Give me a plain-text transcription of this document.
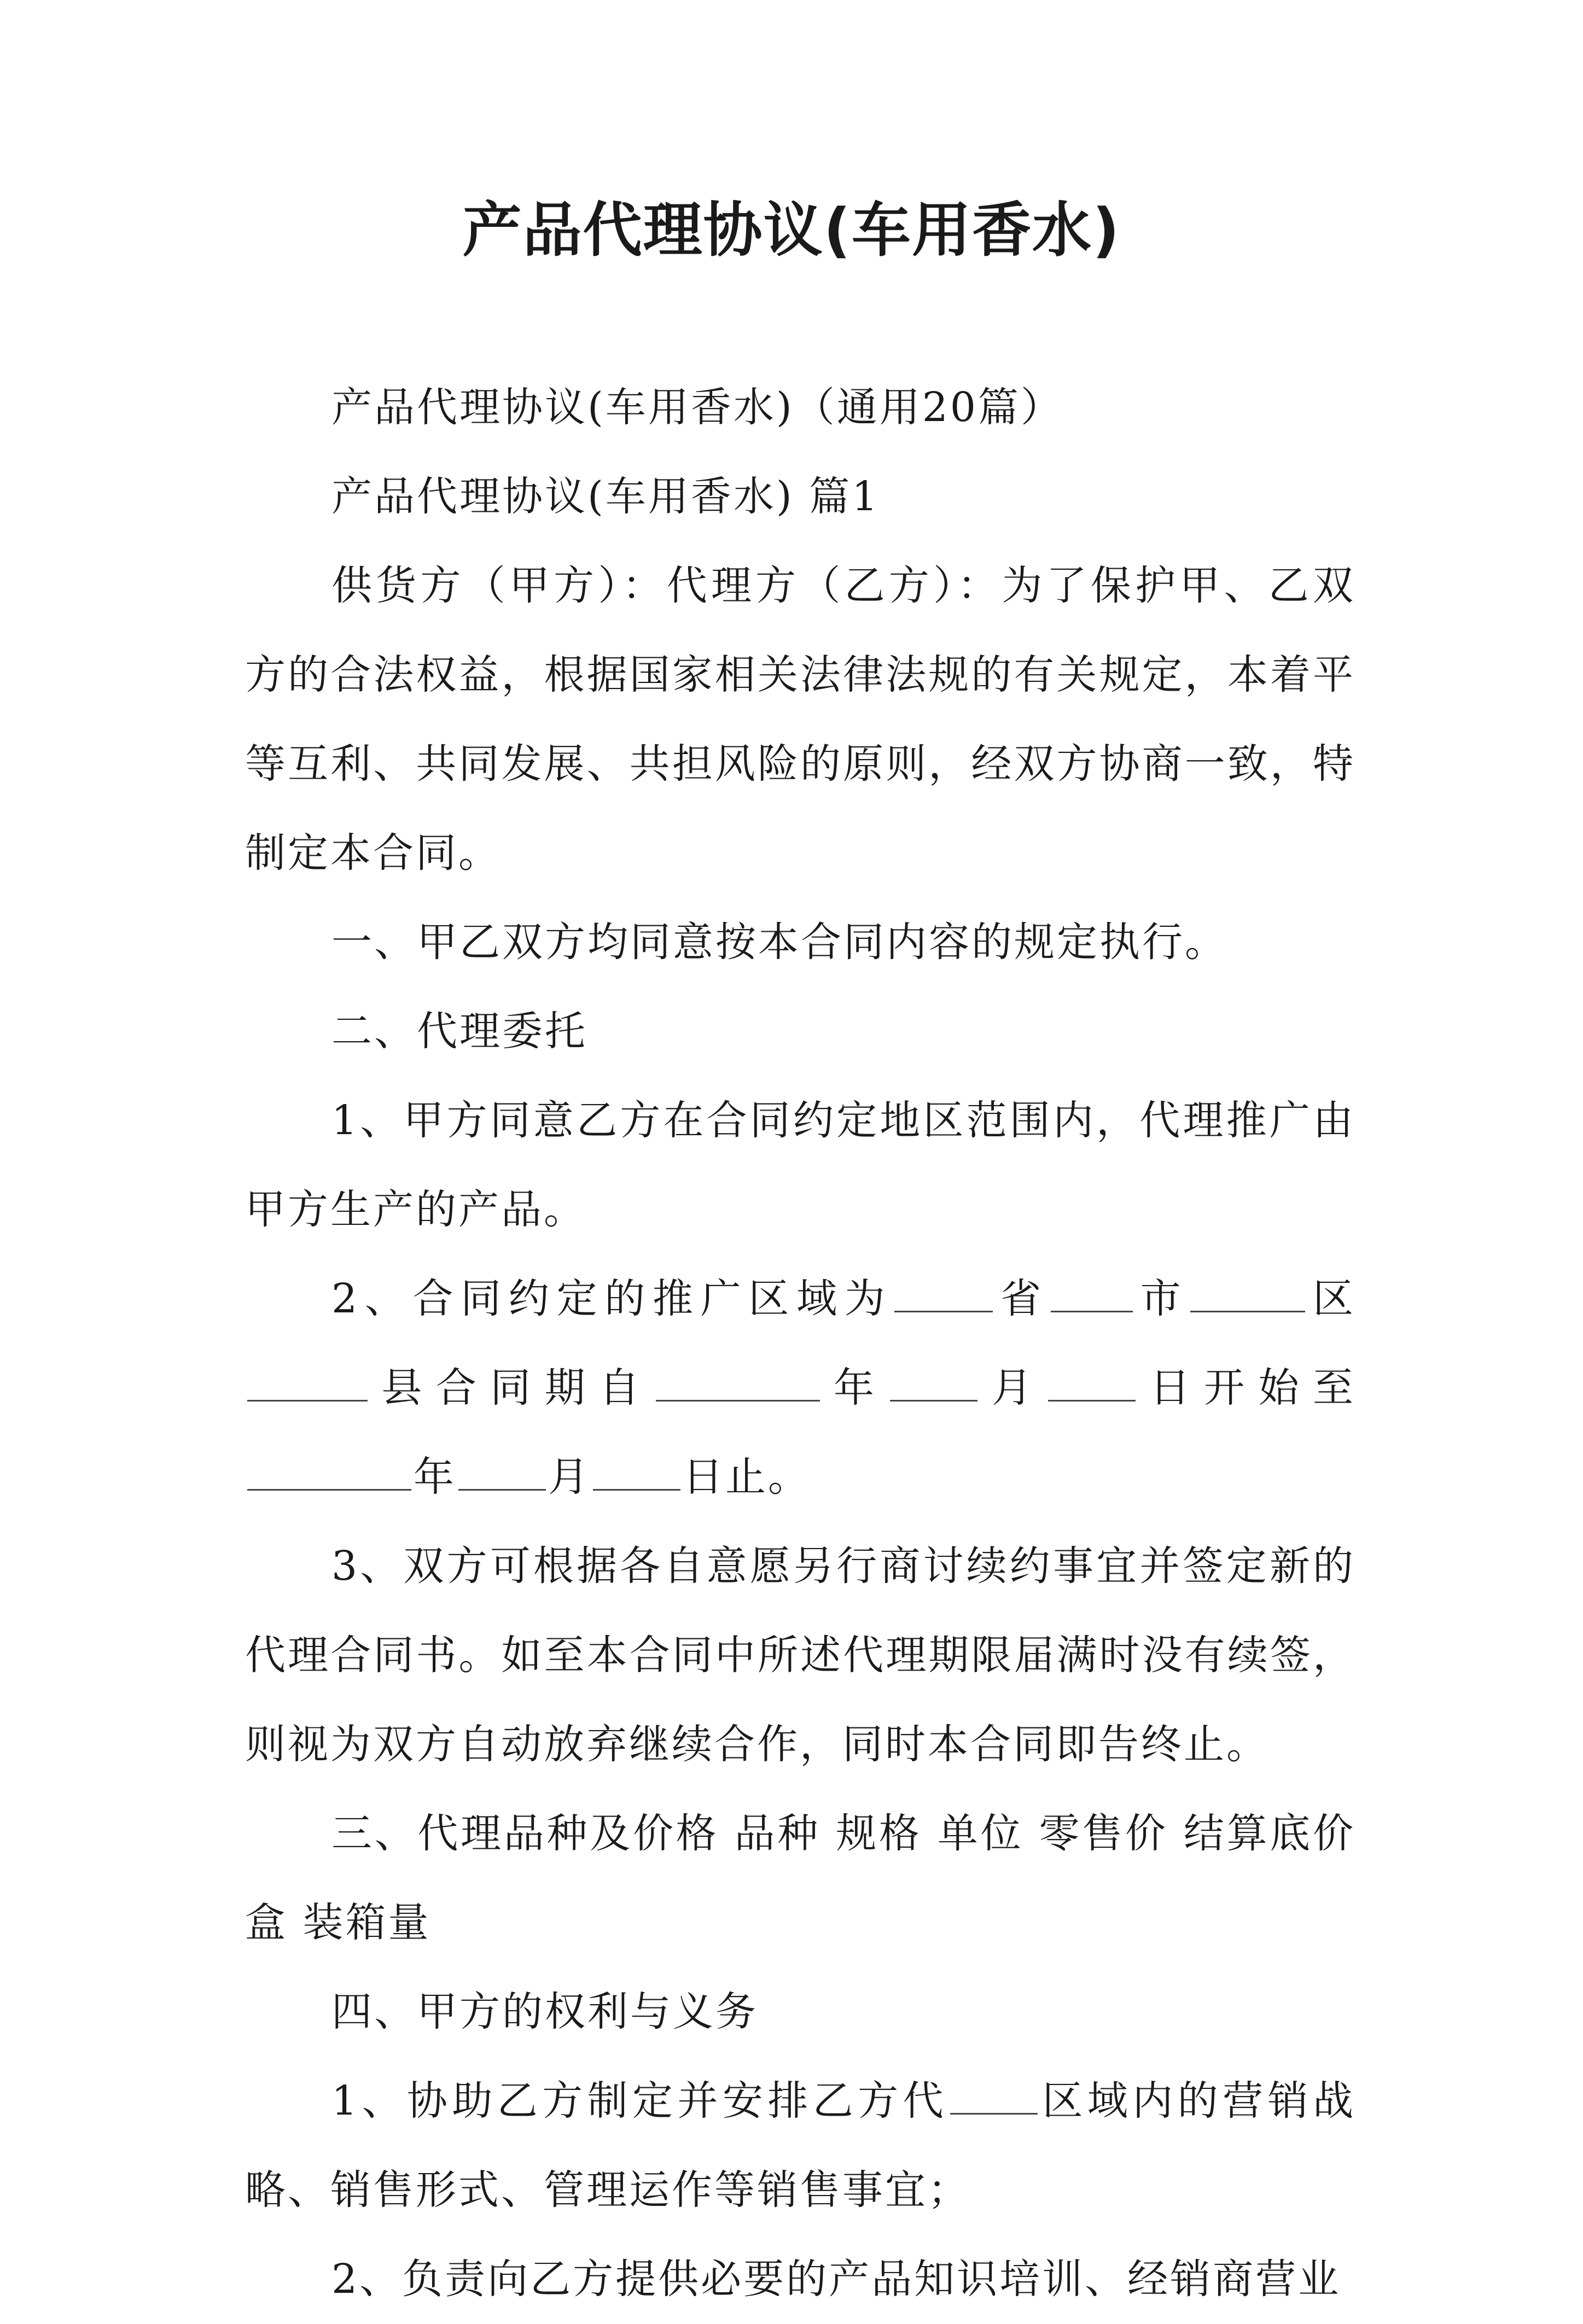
产品代理协议(车用香水)

产品代理协议(车用香水)（通用20篇）

产品代理协议(车用香水) 篇1

供货方（甲方）：代理方（乙方）：为了保护甲、乙双方的合法权益，根据国家相关法律法规的有关规定，本着平等互利、共同发展、共担风险的原则，经双方协商一致，特制定本合同。

一、甲乙双方均同意按本合同内容的规定执行。

二、代理委托

1、甲方同意乙方在合同约定地区范围内，代理推广由甲方生产的产品。

2、合同约定的推广区域为	省 市	区县合同期自	年 月 日开始至年 月 日止。

3、双方可根据各自意愿另行商讨续约事宜并签定新的代理合同书。如至本合同中所述代理期限届满时没有续签，则视为双方自动放弃继续合作，同时本合同即告终止。

三、代理品种及价格 品种 规格 单位 零售价 结算底价盒 装箱量

四、甲方的权利与义务

1、协助乙方制定并安排乙方代 区域内的营销战略、销售形式、管理运作等销售事宜；

2、负责向乙方提供必要的产品知识培训、经销商营业
